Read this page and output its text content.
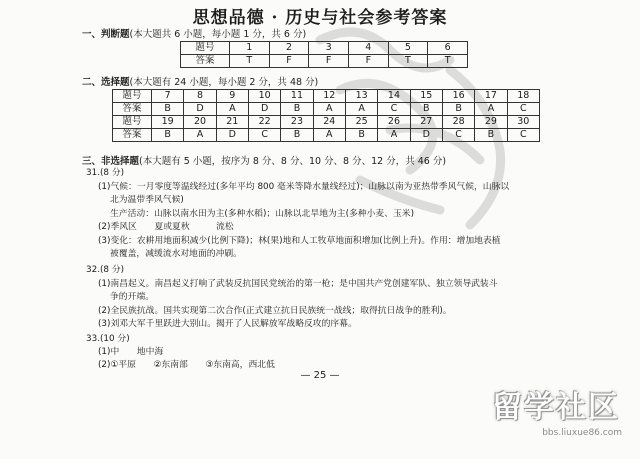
思想品德 · 历史与社会参考答案
一、判断题(本大题共 6 小题，每小题 1 分，共 6 分)
题号	1	2	3	4	5	6
答案	T	F	F	F	T	T
二、选择题(本大题有 24 小题，每小题 2 分，共 48 分)
题号	7	8	9	10	11	12	13	14	15	16	17	18
答案	B	D	A	D	B	A	A	C	B	B	A	C
题号	19	20	21	22	23	24	25	26	27	28	29	30
答案	B	A	D	C	B	A	B	A	D	C	B	C
三、非选择题(本大题有 5 小题，按序为 8 分、8 分、10 分、8 分、12 分，共 46 分)
31.(8 分)
(1)气候：一月零度等温线经过(多年平均 800 毫米等降水量线经过)；山脉以南为亚热带季风气候，山脉以
北为温带季风气候)
生产活动：山脉以南水田为主(多种水稻)；山脉以北旱地为主(多种小麦、玉米)
(2)季风区　　夏或夏秋　　　流松
(3)变化：农耕用地面积减少(比例下降)；林(果)地和人工牧草地面积增加(比例上升)。作用：增加地表植
被覆盖，减缓流水对地面的冲刷。
32.(8 分)
(1)南昌起义。南昌起义打响了武装反抗国民党统治的第一枪；是中国共产党创建军队、独立领导武装斗
争的开端。
(2)全民族抗战。国共实现第二次合作(正式建立抗日民族统一战线；取得抗日战争的胜利)。
(3)刘邓大军千里跃进大别山。揭开了人民解放军战略反攻的序幕。
33.(10 分)
(1)中　　地中海
(2)①平原　　②东南部　　③东南高，西北低
— 25 —
留学社区
bbs.liuxue86.com
